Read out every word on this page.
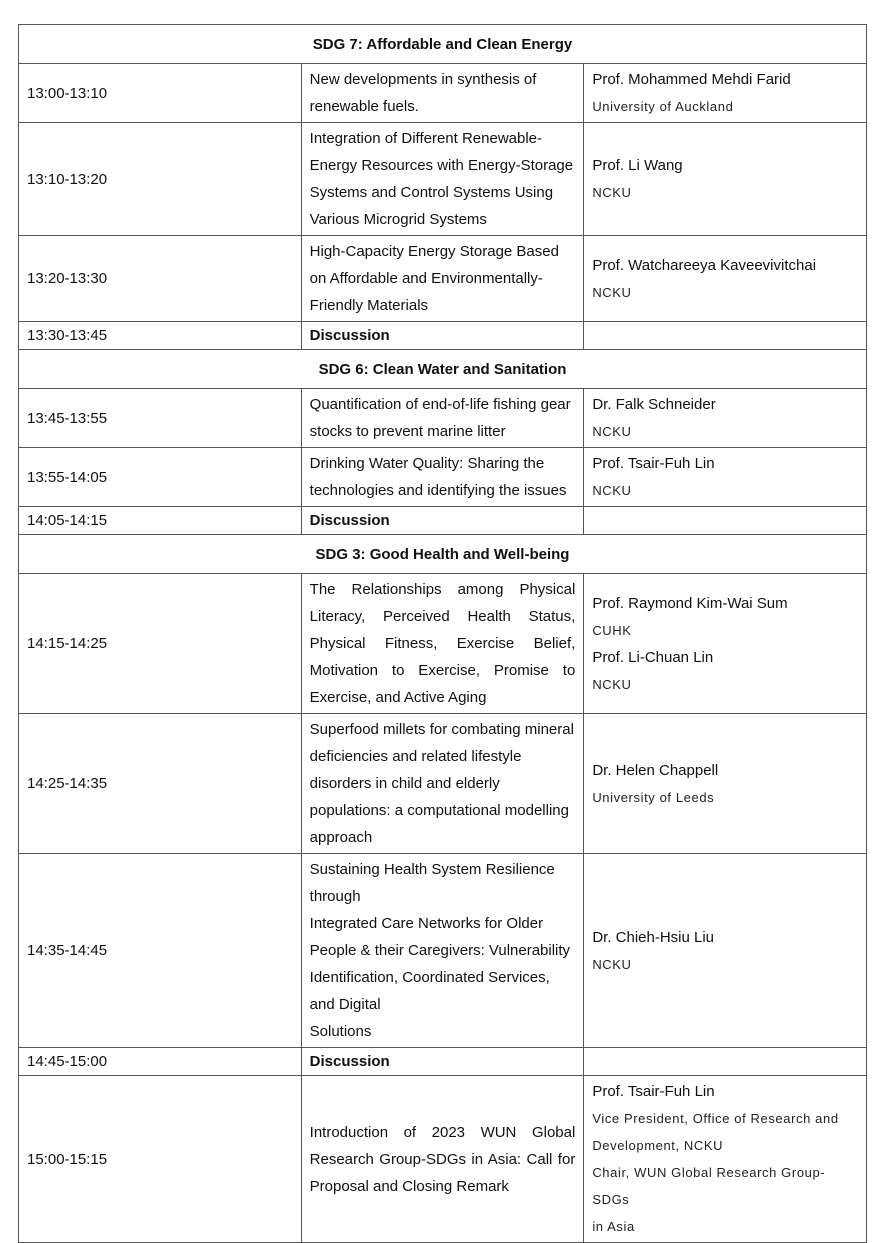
SDG 7: Affordable and Clean Energy		
13:00-13:10	New developments in synthesis of renewable fuels.	Prof. Mohammed Mehdi Farid
University of Auckland

13:10-13:20	Integration of Different Renewable-Energy Resources with Energy-Storage Systems and Control Systems Using Various Microgrid Systems	Prof. Li Wang
NCKU

13:20-13:30	High-Capacity Energy Storage Based on Affordable and Environmentally-Friendly Materials	Prof. Watchareeya Kaveevivitchai
NCKU

13:30-13:45	Discussion	
SDG 6: Clean Water and Sanitation		
13:45-13:55	Quantification of end-of-life fishing gear stocks to prevent marine litter	Dr. Falk Schneider
NCKU

13:55-14:05	Drinking Water Quality: Sharing the technologies and identifying the issues	Prof. Tsair-Fuh Lin
NCKU

14:05-14:15	Discussion	
SDG 3: Good Health and Well-being		
14:15-14:25	The Relationships among Physical Literacy, Perceived Health Status, Physical Fitness, Exercise Belief, Motivation to Exercise, Promise to Exercise, and Active Aging	Prof. Raymond Kim-Wai Sum
CUHK
Prof. Li-Chuan Lin
NCKU

14:25-14:35	Superfood millets for combating mineral deficiencies and related lifestyle disorders in child and elderly populations: a computational modelling approach	Dr. Helen Chappell
University of Leeds

14:35-14:45	Sustaining Health System Resilience through
Integrated Care Networks for Older
People & their Caregivers: Vulnerability
Identification, Coordinated Services, and Digital
Solutions	Dr. Chieh-Hsiu Liu
NCKU

14:45-15:00	Discussion	
15:00-15:15	Introduction of 2023 WUN Global Research Group-SDGs in Asia: Call for Proposal and Closing Remark	Prof. Tsair-Fuh Lin
Vice President, Office of Research and
Development, NCKU
Chair, WUN Global Research Group-SDGs
in Asia
